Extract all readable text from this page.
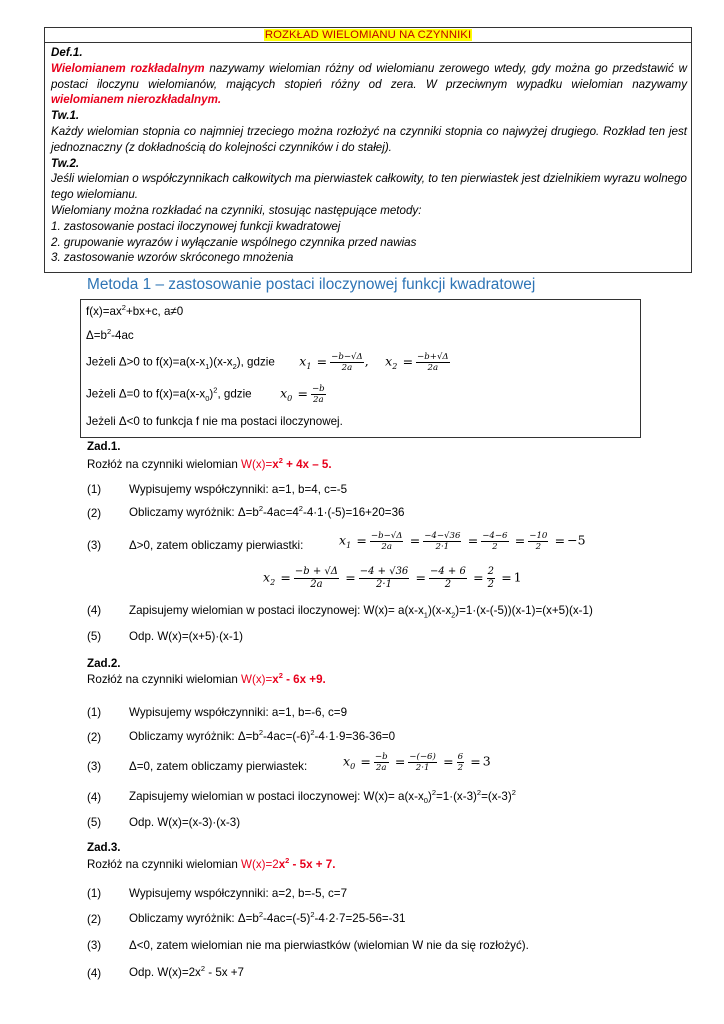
ROZKŁAD WIELOMIANU NA CZYNNIKI
Def.1.
Wielomianem rozkładalnym nazywamy wielomian różny od wielomianu zerowego wtedy, gdy można go przedstawić w postaci iloczynu wielomianów, mających stopień różny od zera. W przeciwnym wypadku wielomian nazywamy wielomianem nierozkładalnym.
Tw.1.
Każdy wielomian stopnia co najmniej trzeciego można rozłożyć na czynniki stopnia co najwyżej drugiego. Rozkład ten jest jednoznaczny (z dokładnością do kolejności czynników i do stałej).
Tw.2.
Jeśli wielomian o współczynnikach całkowitych ma pierwiastek całkowity, to ten pierwiastek jest dzielnikiem wyrazu wolnego tego wielomianu.
Wielomiany można rozkładać na czynniki, stosując następujące metody:
1. zastosowanie postaci iloczynowej funkcji kwadratowej
2. grupowanie wyrazów i wyłączanie wspólnego czynnika przed nawias
3. zastosowanie wzorów skróconego mnożenia
Metoda 1 – zastosowanie postaci iloczynowej funkcji kwadratowej
$f(x)=ax^2+bx+c$, a≠0
$\Delta=b^2-4ac$
Jeżeli Δ>0 to $f(x)=a(x-x_1)(x-x_2)$, gdzie $x_1 = \frac{-b-√\Delta}{2a}$ , $x_2 = \frac{-b+√\Delta}{2a}$
Jeżeli Δ=0 to $f(x)=a(x-x_0)^2$, gdzie $x_0 = \frac{-b}{2a}$
Jeżeli Δ<0 to funkcja f nie ma postaci iloczynowej.
Zad.1.
Rozłóż na czynniki wielomian $W(x)=x^2 + 4x - 5$.
(1) Wypisujemy współczynniki: a=1, b=4, c=-5
(2) Obliczamy wyróżnik: $\Delta=b^2-4ac=4^2-4\cdot 1\cdot(-5)=16+20=36$
(3) Δ>0, zatem obliczamy pierwiastki:	$x_1 = \frac{-b-√\Delta}{2a} = \frac{-4-√36}{2\cdot 1} = \frac{-4-6}{2} = \frac{-10}{2} = -5$
$x_2 = \frac{-b + √\Delta}{2a} = \frac{-4 + √36}{2\cdot 1} = \frac{-4 + 6}{2} = \frac{2}{2} = 1$
(4) Zapisujemy wielomian w postaci iloczynowej: $W(x)= a(x-x_1)(x-x_2)=1\cdot(x-(-5))(x-1)=(x+5)(x-1)$
(5) Odp. W(x)=(x+5)·(x-1)
Zad.2.
Rozłóż na czynniki wielomian $W(x)=x^2 - 6x +9$.
(1) Wypisujemy współczynniki: a=1, b=-6, c=9
(2) Obliczamy wyróżnik: $\Delta=b^2-4ac=(-6)^2-4\cdot 1\cdot 9=36-36=0$
(3) Δ=0, zatem obliczamy pierwiastek:	$x_0 = \frac{-b}{2a} = \frac{-(-6)}{2\cdot 1} = \frac{6}{2} = 3$
(4) Zapisujemy wielomian w postaci iloczynowej: $W(x)= a(x-x_0)^2=1\cdot(x-3)^2=(x-3)^2$
(5) Odp. W(x)=(x-3)·(x-3)
Zad.3.
Rozłóż na czynniki wielomian $W(x)=2x^2 - 5x + 7$.
(1) Wypisujemy współczynniki: a=2, b=-5, c=7
(2) Obliczamy wyróżnik: $\Delta=b^2-4ac=(-5)^2-4\cdot 2\cdot 7=25-56=-31$
(3) Δ<0, zatem wielomian nie ma pierwiastków (wielomian W nie da się rozłożyć).
(4) Odp. $W(x)=2x^2 - 5x +7$
